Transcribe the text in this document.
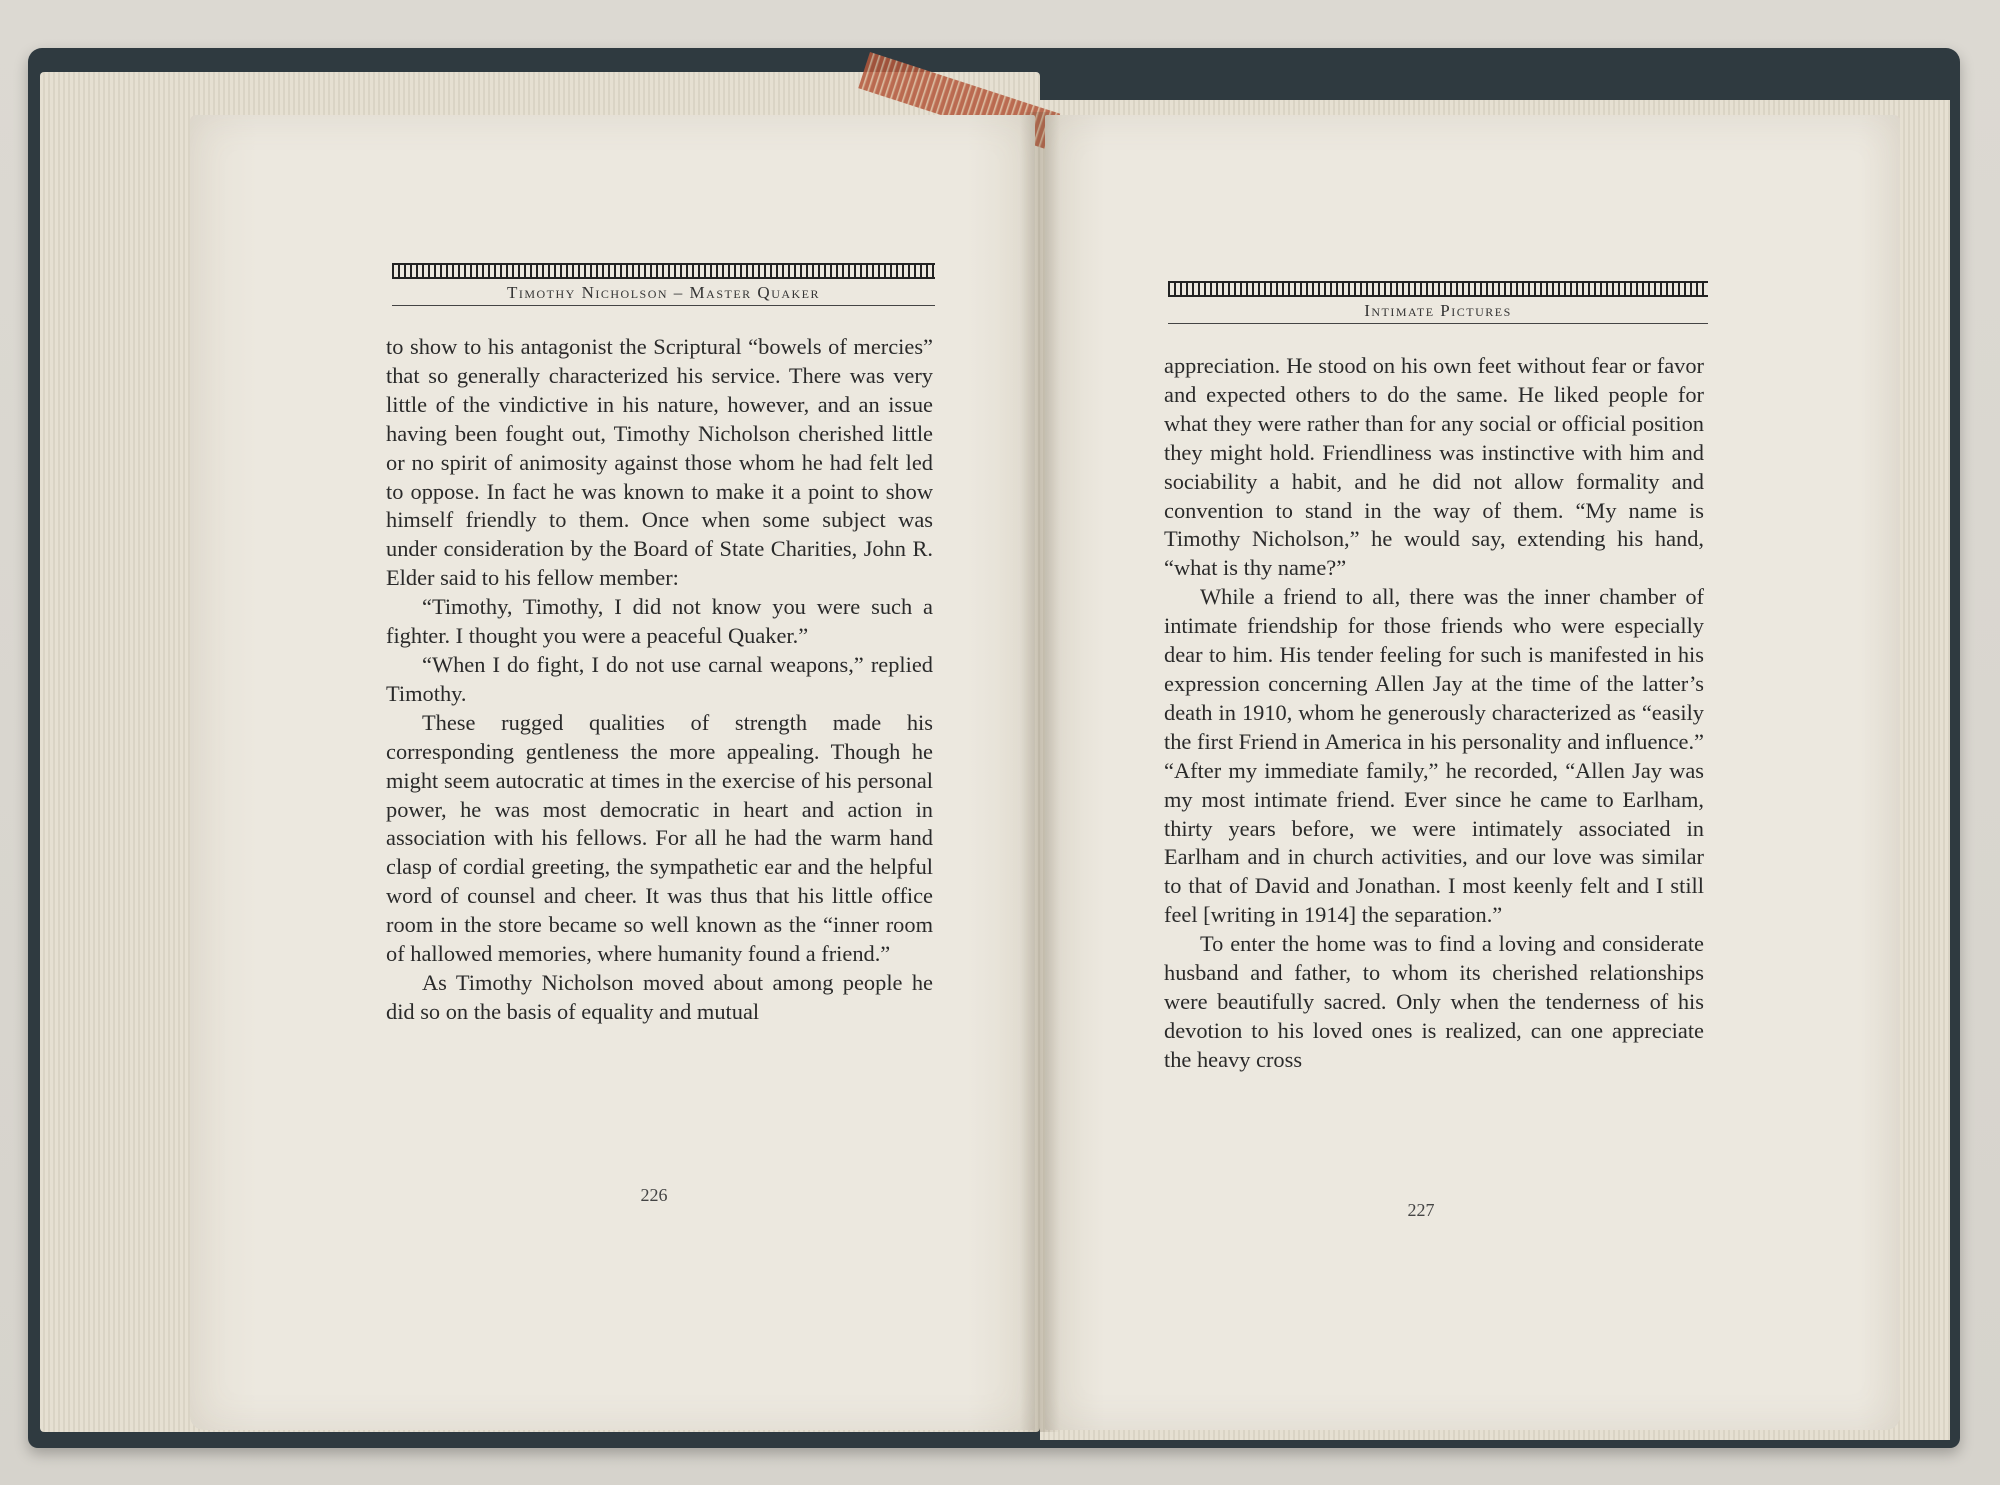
Timothy Nicholson – Master Quaker

to show to his antagonist the Scriptural “bowels of mercies” that so generally characterized his service. There was very little of the vindictive in his nature, however, and an issue having been fought out, Timothy Nicholson cherished little or no spirit of animosity against those whom he had felt led to oppose. In fact he was known to make it a point to show himself friendly to them. Once when some subject was under consideration by the Board of State Charities, John R. Elder said to his fellow member:

“Timothy, Timothy, I did not know you were such a fighter. I thought you were a peaceful Quaker.”

“When I do fight, I do not use carnal weapons,” replied Timothy.

These rugged qualities of strength made his corresponding gentleness the more appealing. Though he might seem autocratic at times in the exercise of his personal power, he was most democratic in heart and action in association with his fellows. For all he had the warm hand clasp of cordial greeting, the sympathetic ear and the helpful word of counsel and cheer. It was thus that his little office room in the store became so well known as the “inner room of hallowed memories, where humanity found a friend.”

As Timothy Nicholson moved about among people he did so on the basis of equality and mutual

226
Intimate Pictures

appreciation. He stood on his own feet without fear or favor and expected others to do the same. He liked people for what they were rather than for any social or official position they might hold. Friendliness was instinctive with him and sociability a habit, and he did not allow formality and convention to stand in the way of them. “My name is Timothy Nicholson,” he would say, extending his hand, “what is thy name?”

While a friend to all, there was the inner chamber of intimate friendship for those friends who were especially dear to him. His tender feeling for such is manifested in his expression concerning Allen Jay at the time of the latter’s death in 1910, whom he generously characterized as “easily the first Friend in America in his personality and influence.” “After my immediate family,” he recorded, “Allen Jay was my most intimate friend. Ever since he came to Earlham, thirty years before, we were intimately associated in Earlham and in church activities, and our love was similar to that of David and Jonathan. I most keenly felt and I still feel [writing in 1914] the separation.”

To enter the home was to find a loving and considerate husband and father, to whom its cherished relationships were beautifully sacred. Only when the tenderness of his devotion to his loved ones is realized, can one appreciate the heavy cross

227
